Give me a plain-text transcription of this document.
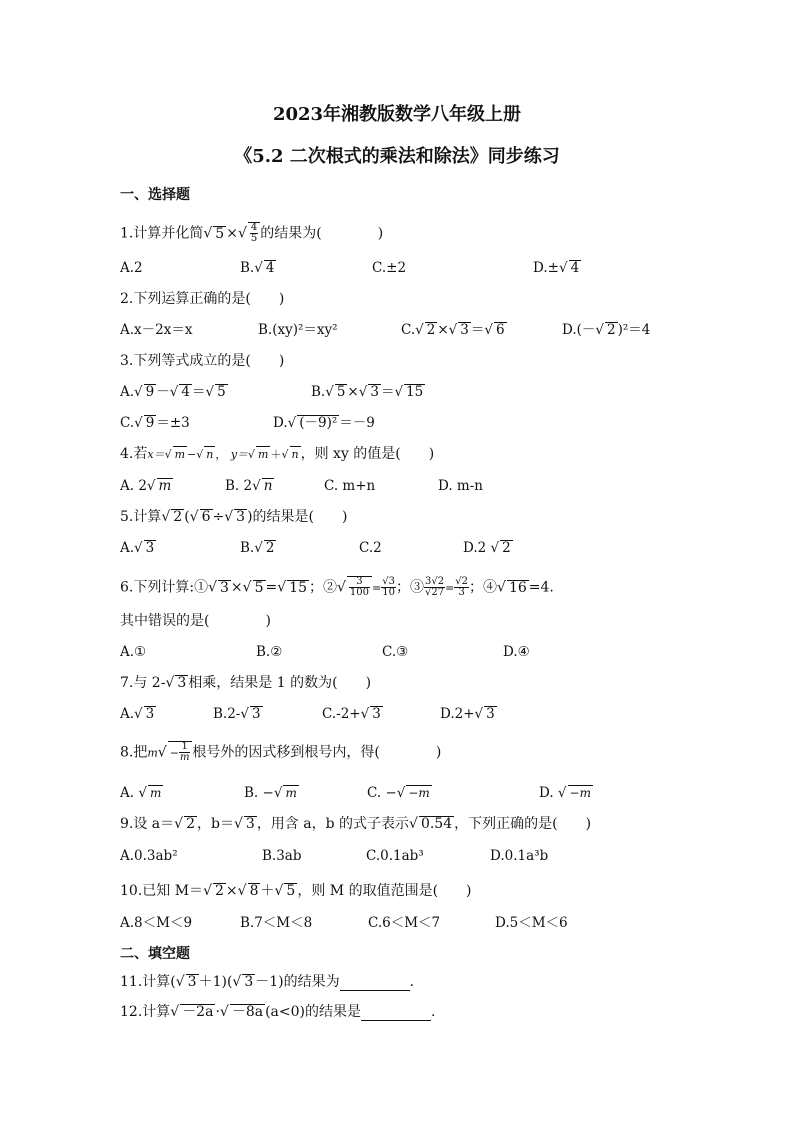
2023年湘教版数学八年级上册
《5.2 二次根式的乘法和除法》同步练习
一、选择题
1.计算并化简√ 5 ×√ $\frac{4}{5}$ 的结果为(　　　　)
A.2	B.√ 4	C.±2	D.±√ 4
2.下列运算正确的是(　　)
A.x－2x＝x	B.(xy)²＝xy²	C.√ 2 ×√ 3 ＝√ 6	D.(－√ 2 )²＝4
3.下列等式成立的是(　　)
A.√ 9 －√ 4 ＝√ 5	B.√ 5 ×√ 3 ＝√ 15
C.√ 9 ＝±3	D.√ (－9)² ＝－9
4.若x＝√ m −√ n ， y＝√ m ＋√ n ，则 xy 的值是(　　)
A. 2√ m	B. 2√ n	C. m+n	D. m-n
5.计算√ 2 (√ 6 ÷√ 3 )的结果是(　　)
A.√ 3	B.√ 2	C.2	D.2 √ 2
6.下列计算:①√ 3 ×√ 5 =√ 15 ；②√ $\frac{3}{100} = \frac{√3}{10}$ ；③ $\frac{3√2}{√27} = \frac{√2}{3}$ ；④√ 16 =4.
其中错误的是(　　　　)
A.①	B.②	C.③	D.④
7.与 2-√ 3 相乘，结果是 1 的数为(　　)
A.√ 3	B.2-√ 3	C.-2+√ 3	D.2+√ 3
8.把$m√ - \frac{1}{m}$ 根号外的因式移到根号内，得(　　　　)
A. √ m	B. −√ m	C. −√ −m	D. √ −m
9.设 a＝√ 2 ，b＝√ 3 ，用含 a，b 的式子表示√ 0.54 ，下列正确的是(　　)
A.0.3ab²	B.3ab	C.0.1ab³	D.0.1a³b
10.已知 M＝√ 2 ×√ 8 ＋√ 5 ，则 M 的取值范围是(　　)
A.8＜M＜9	B.7＜M＜8	C.6＜M＜7	D.5＜M＜6
二、填空题
11.计算(√ 3 ＋1)(√ 3 －1)的结果为	.
12.计算√ －2a ·√ －8a (a<0)的结果是	.
